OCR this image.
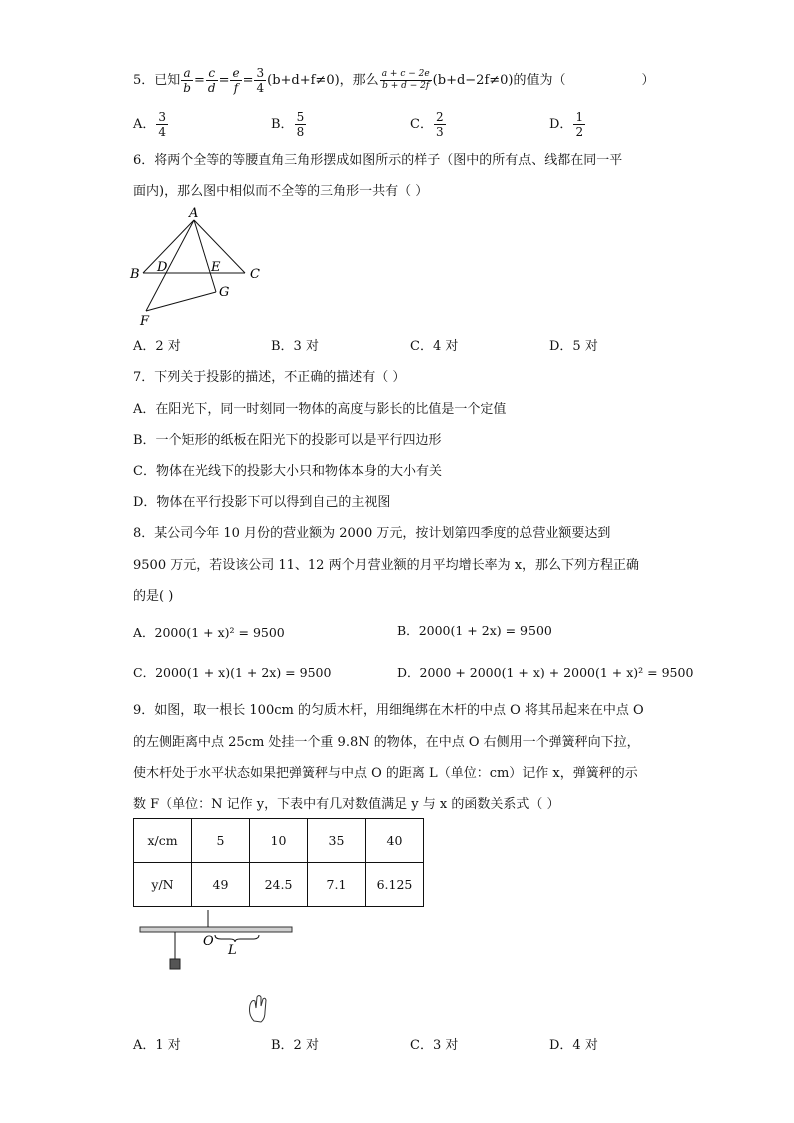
5．已知 $\frac{a}{b} = \frac{c}{d} = \frac{e}{f} = \frac{3}{4} (b+d+f\ne 0)$，那么 $\frac{a + c - 2e}{b + d - 2f} (b+d-2f\ne 0)$的值为（	）
A． $\frac{3}{4}$	B． $\frac{5}{8}$	C． $\frac{2}{3}$	D． $\frac{1}{2}$
6．将两个全等的等腰直角三角形摆成如图所示的样子（图中的所有点、线都在同一平
面内)，那么图中相似而不全等的三角形一共有（ ）
A
B	C
D	E
F
G
A．2 对	B．3 对	C．4 对	D．5 对
7．下列关于投影的描述，不正确的描述有（ ）
A．在阳光下，同一时刻同一物体的高度与影长的比值是一个定值
B．一个矩形的纸板在阳光下的投影可以是平行四边形
C．物体在光线下的投影大小只和物体本身的大小有关
D．物体在平行投影下可以得到自己的主视图
8．某公司今年 10 月份的营业额为 2000 万元，按计划第四季度的总营业额要达到
9500 万元，若设该公司 11、12 两个月营业额的月平均增长率为 x，那么下列方程正确
的是( )
A．2000(1 + x)² = 9500	B．2000(1 + 2x) = 9500
C．2000(1 + x)(1 + 2x) = 9500	D．2000 + 2000(1 + x) + 2000(1 + x)² = 9500
9．如图，取一根长 100cm 的匀质木杆，用细绳绑在木杆的中点 O 将其吊起来在中点 O
的左侧距离中点 25cm 处挂一个重 9.8N 的物体，在中点 O 右侧用一个弹簧秤向下拉，
使木杆处于水平状态如果把弹簧秤与中点 O 的距离 L（单位：cm）记作 x，弹簧秤的示
数 F（单位：N 记作 y，下表中有几对数值满足 y 与 x 的函数关系式（ ）
x/cm	5	10	35	40
y/N	49	24.5	7.1	6.125
O
L
A．1 对	B．2 对	C．3 对	D．4 对
